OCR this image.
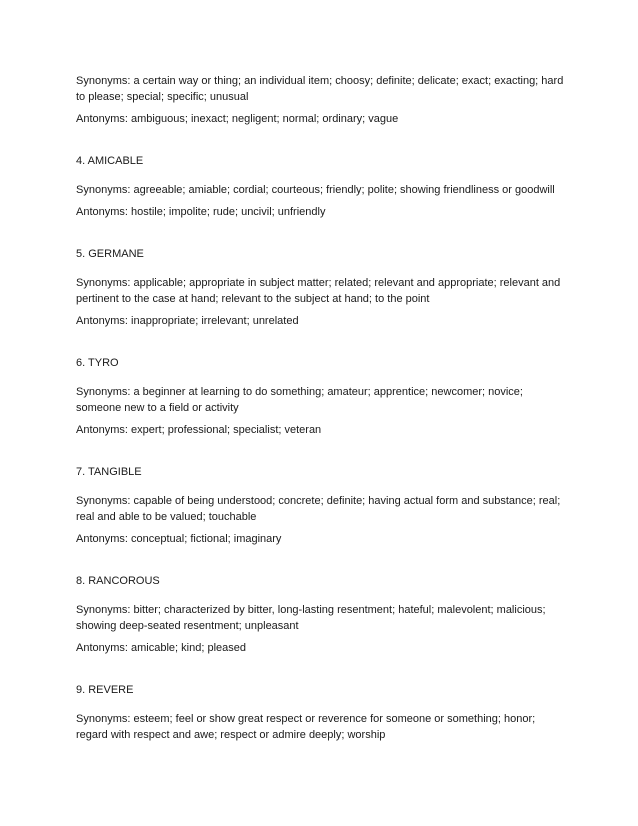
Synonyms: a certain way or thing; an individual item; choosy; definite; delicate; exact; exacting; hard to please; special; specific; unusual

Antonyms: ambiguous; inexact; negligent; normal; ordinary; vague

4. AMICABLE

Synonyms: agreeable; amiable; cordial; courteous; friendly; polite; showing friendliness or goodwill

Antonyms: hostile; impolite; rude; uncivil; unfriendly

5. GERMANE

Synonyms: applicable; appropriate in subject matter; related; relevant and appropriate; relevant and pertinent to the case at hand; relevant to the subject at hand; to the point

Antonyms: inappropriate; irrelevant; unrelated

6. TYRO

Synonyms: a beginner at learning to do something; amateur; apprentice; newcomer; novice; someone new to a field or activity

Antonyms: expert; professional; specialist; veteran

7. TANGIBLE

Synonyms: capable of being understood; concrete; definite; having actual form and substance; real; real and able to be valued; touchable

Antonyms: conceptual; fictional; imaginary

8. RANCOROUS

Synonyms: bitter; characterized by bitter, long-lasting resentment; hateful; malevolent; malicious; showing deep-seated resentment; unpleasant

Antonyms: amicable; kind; pleased

9. REVERE

Synonyms: esteem; feel or show great respect or reverence for someone or something; honor; regard with respect and awe; respect or admire deeply; worship
